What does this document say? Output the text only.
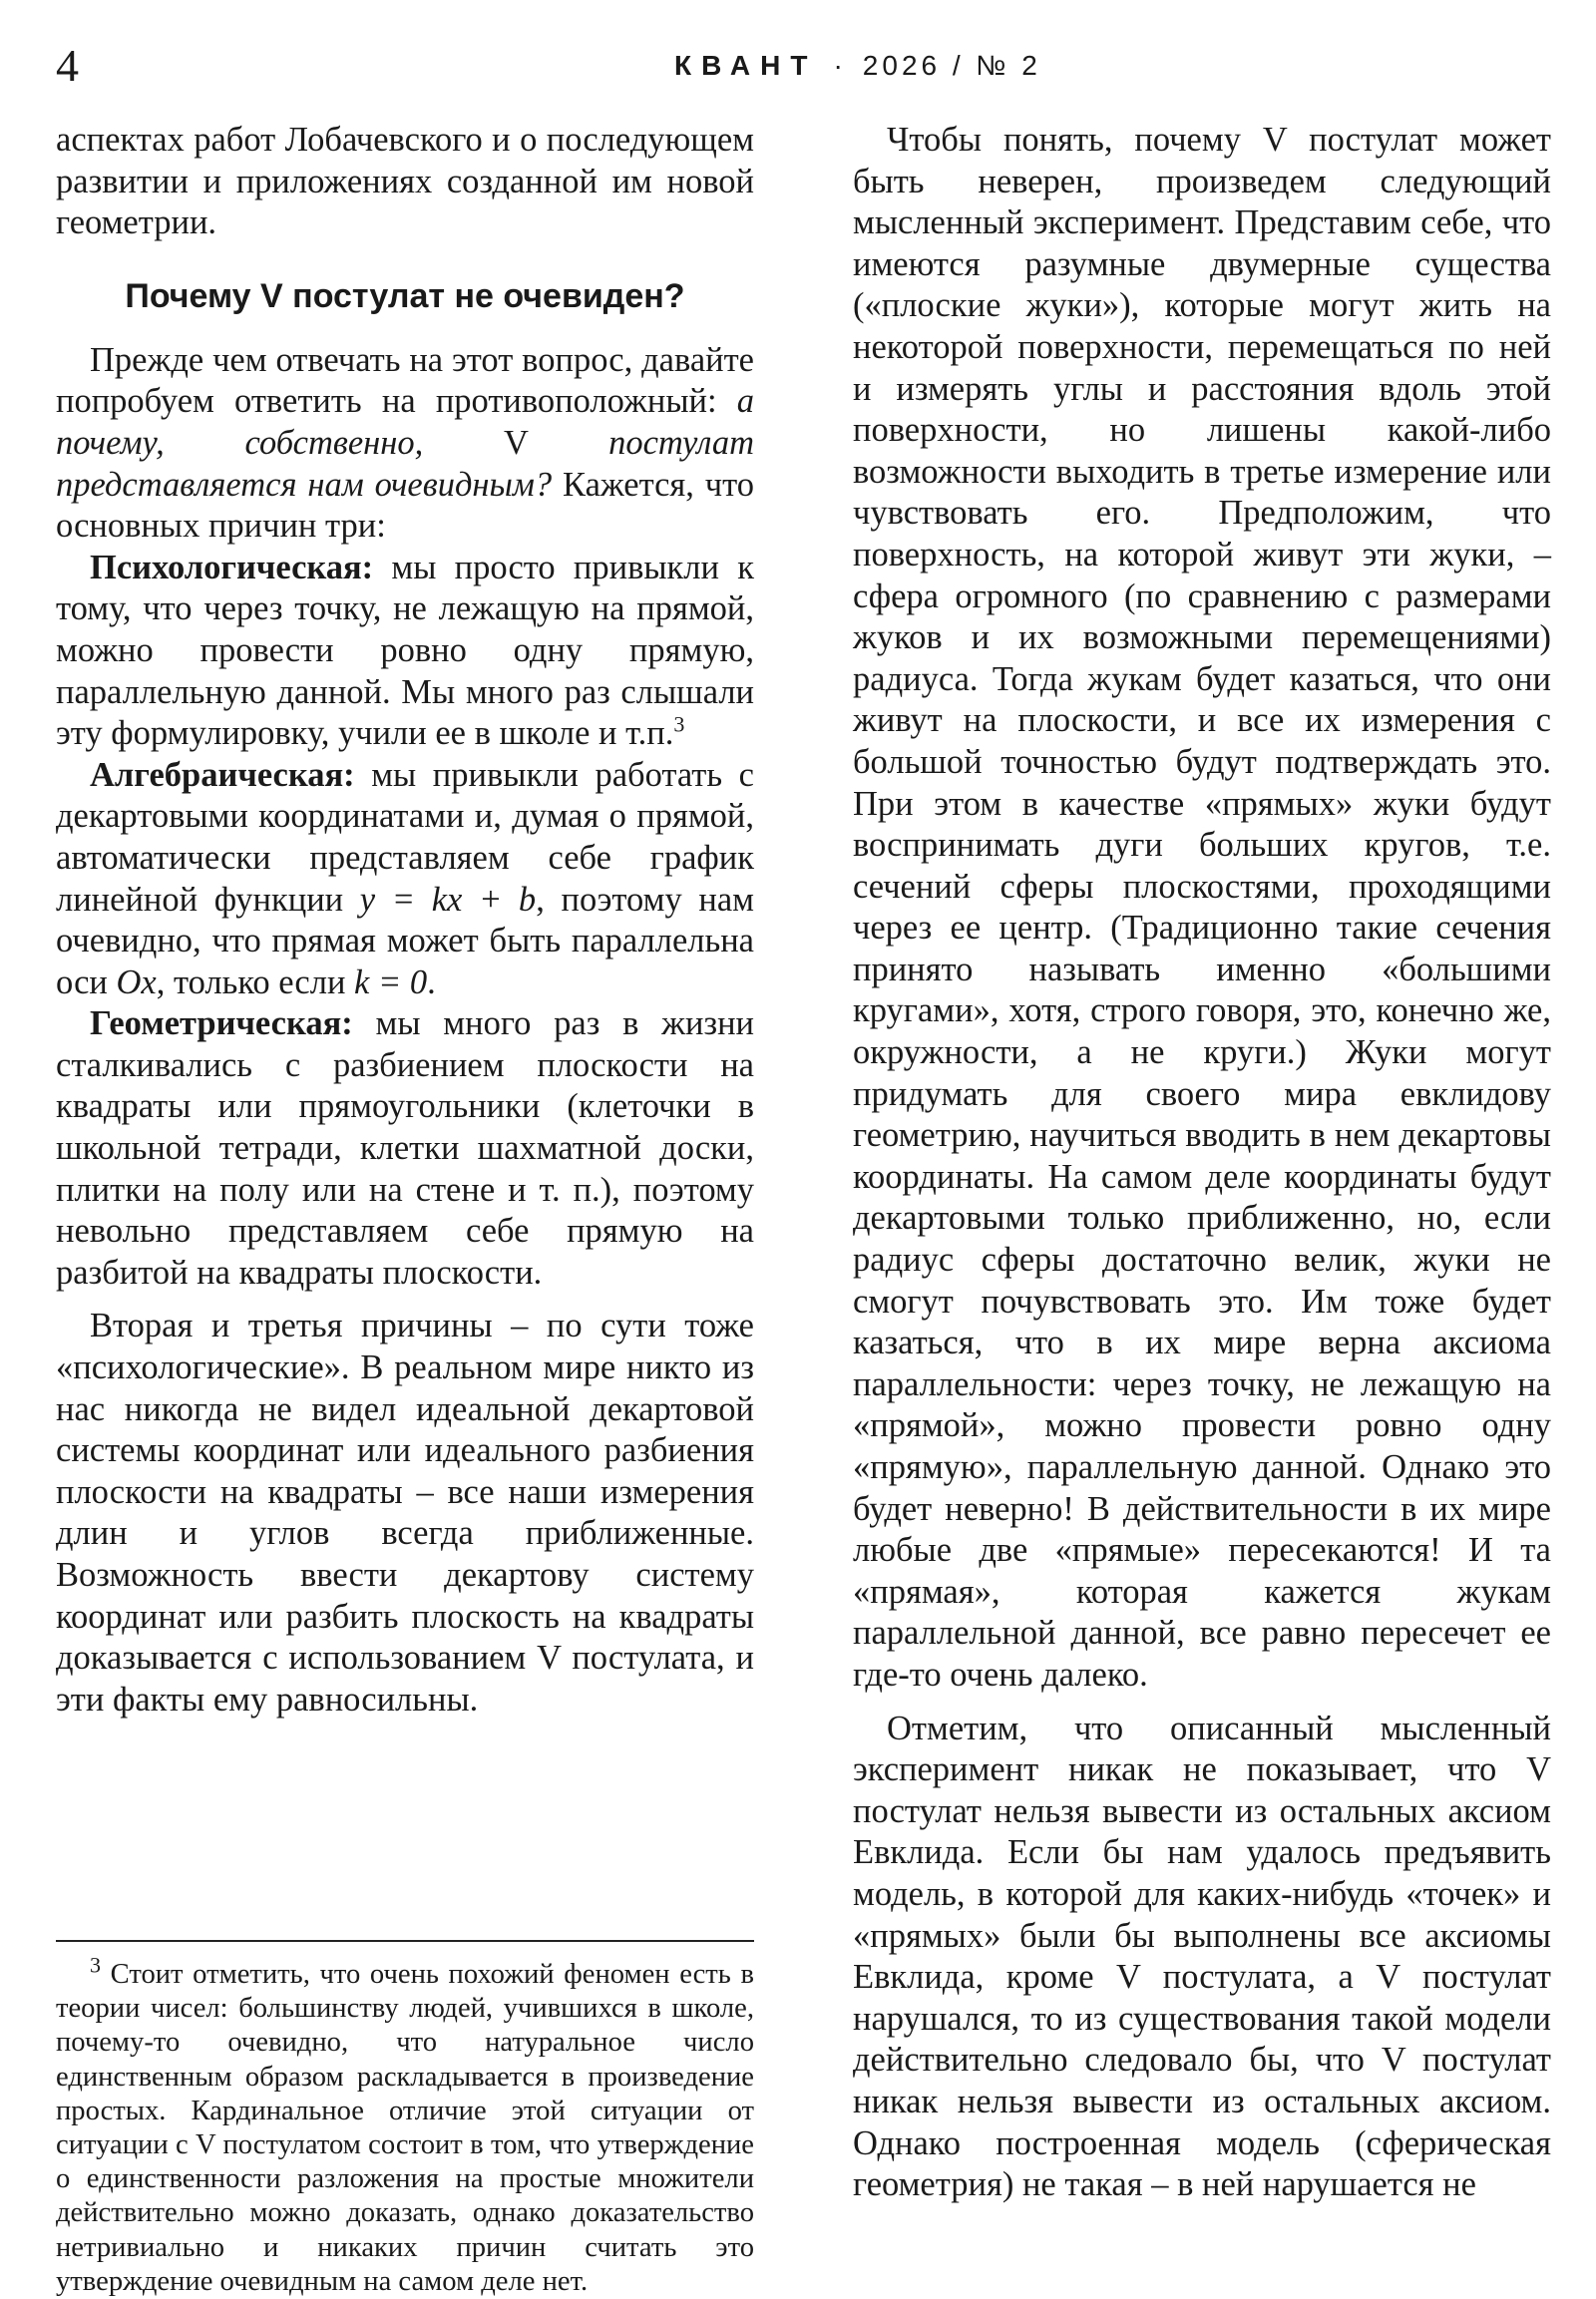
4	КВАНТ · 2026 / № 2

аспектах работ Лобачевского и о последующем развитии и приложениях созданной им новой геометрии.

Почему V постулат не очевиден?

Прежде чем отвечать на этот вопрос, давайте попробуем ответить на противоположный: а почему, собственно, V постулат представляется нам очевидным? Кажется, что основных причин три:

Психологическая: мы просто привыкли к тому, что через точку, не лежащую на прямой, можно провести ровно одну прямую, параллельную данной. Мы много раз слышали эту формулировку, учили ее в школе и т.п.$^3$

Алгебраическая: мы привыкли работать с декартовыми координатами и, думая о прямой, автоматически представляем себе график линейной функции y = kx + b, поэтому нам очевидно, что прямая может быть параллельна оси Ox, только если k = 0.

Геометрическая: мы много раз в жизни сталкивались с разбиением плоскости на квадраты или прямоугольники (клеточки в школьной тетради, клетки шахматной доски, плитки на полу или на стене и т. п.), поэтому невольно представляем себе прямую на разбитой на квадраты плоскости.

Вторая и третья причины – по сути тоже «психологические». В реальном мире никто из нас никогда не видел идеальной декартовой системы координат или идеального разбиения плоскости на квадраты – все наши измерения длин и углов всегда приближенные. Возможность ввести декартову систему координат или разбить плоскость на квадраты доказывается с использованием V постулата, и эти факты ему равносильны.

$^3$ Стоит отметить, что очень похожий феномен есть в теории чисел: большинству людей, учившихся в школе, почему-то очевидно, что натуральное число единственным образом раскладывается в произведение простых. Кардинальное отличие этой ситуации от ситуации с V постулатом состоит в том, что утверждение о единственности разложения на простые множители действительно можно доказать, однако доказательство нетривиально и никаких причин считать это утверждение очевидным на самом деле нет.

Чтобы понять, почему V постулат может быть неверен, произведем следующий мысленный эксперимент. Представим себе, что имеются разумные двумерные существа («плоские жуки»), которые могут жить на некоторой поверхности, перемещаться по ней и измерять углы и расстояния вдоль этой поверхности, но лишены какой-либо возможности выходить в третье измерение или чувствовать его. Предположим, что поверхность, на которой живут эти жуки, – сфера огромного (по сравнению с размерами жуков и их возможными перемещениями) радиуса. Тогда жукам будет казаться, что они живут на плоскости, и все их измерения с большой точностью будут подтверждать это. При этом в качестве «прямых» жуки будут воспринимать дуги больших кругов, т.е. сечений сферы плоскостями, проходящими через ее центр. (Традиционно такие сечения принято называть именно «большими кругами», хотя, строго говоря, это, конечно же, окружности, а не круги.) Жуки могут придумать для своего мира евклидову геометрию, научиться вводить в нем декартовы координаты. На самом деле координаты будут декартовыми только приближенно, но, если радиус сферы достаточно велик, жуки не смогут почувствовать это. Им тоже будет казаться, что в их мире верна аксиома параллельности: через точку, не лежащую на «прямой», можно провести ровно одну «прямую», параллельную данной. Однако это будет неверно! В действительности в их мире любые две «прямые» пересекаются! И та «прямая», которая кажется жукам параллельной данной, все равно пересечет ее где-то очень далеко.

Отметим, что описанный мысленный эксперимент никак не показывает, что V постулат нельзя вывести из остальных аксиом Евклида. Если бы нам удалось предъявить модель, в которой для каких-нибудь «точек» и «прямых» были бы выполнены все аксиомы Евклида, кроме V постулата, а V постулат нарушался, то из существования такой модели действительно следовало бы, что V постулат никак нельзя вывести из остальных аксиом. Однако построенная модель (сферическая геометрия) не такая – в ней нарушается не
